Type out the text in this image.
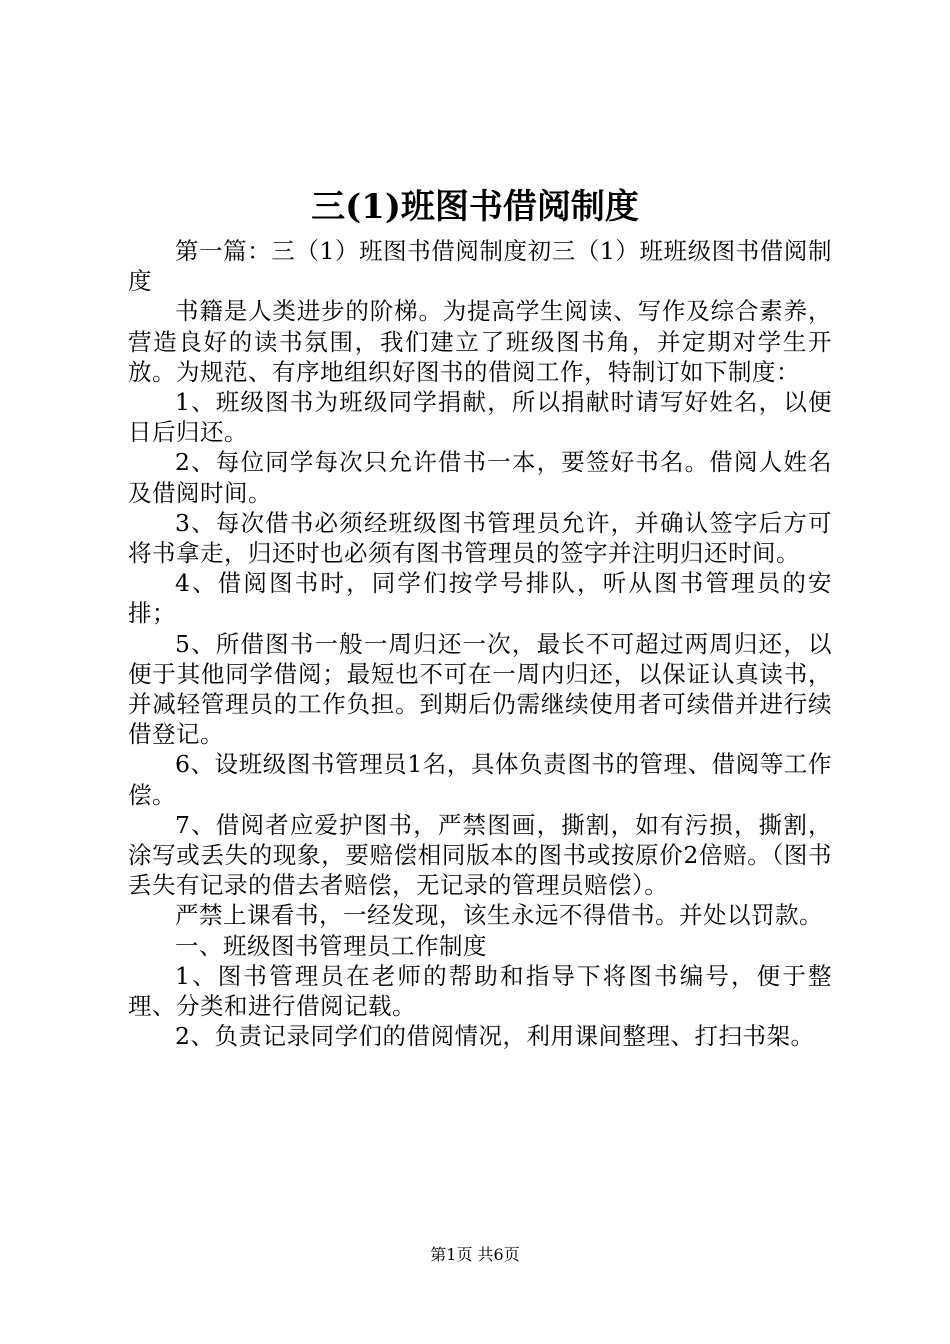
三(1)班图书借阅制度

第一篇：三（1）班图书借阅制度初三（1）班班级图书借阅制度

书籍是人类进步的阶梯。为提高学生阅读、写作及综合素养，营造良好的读书氛围，我们建立了班级图书角，并定期对学生开放。为规范、有序地组织好图书的借阅工作，特制订如下制度：

1、班级图书为班级同学捐献，所以捐献时请写好姓名，以便日后归还。

2、每位同学每次只允许借书一本，要签好书名。借阅人姓名及借阅时间。

3、每次借书必须经班级图书管理员允许，并确认签字后方可将书拿走，归还时也必须有图书管理员的签字并注明归还时间。

4、借阅图书时，同学们按学号排队，听从图书管理员的安排；

5、所借图书一般一周归还一次，最长不可超过两周归还，以便于其他同学借阅；最短也不可在一周内归还，以保证认真读书，并减轻管理员的工作负担。到期后仍需继续使用者可续借并进行续借登记。

6、设班级图书管理员1名，具体负责图书的管理、借阅等工作偿。

7、借阅者应爱护图书，严禁图画，撕割，如有污损，撕割，涂写或丢失的现象，要赔偿相同版本的图书或按原价2倍赔。（图书丢失有记录的借去者赔偿，无记录的管理员赔偿）。

严禁上课看书，一经发现，该生永远不得借书。并处以罚款。

一、班级图书管理员工作制度

1、图书管理员在老师的帮助和指导下将图书编号，便于整理、分类和进行借阅记载。

2、负责记录同学们的借阅情况，利用课间整理、打扫书架。

第1页 共6页
